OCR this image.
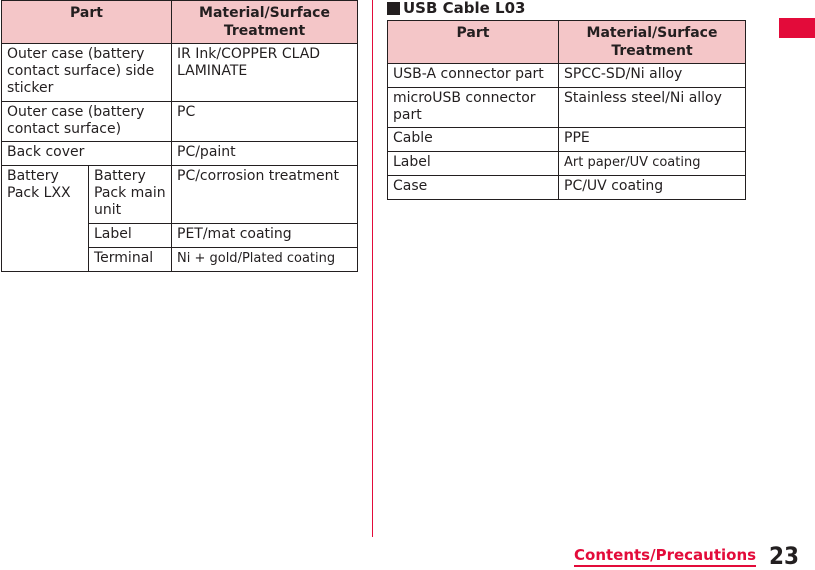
Part		Material/Surface Treatment
Outer case (battery contact surface) side sticker		IR Ink/COPPER CLAD LAMINATE
Outer case (battery contact surface)		PC
Back cover		PC/paint
Battery Pack LXX	Battery Pack main unit	PC/corrosion treatment
	Label	PET/mat coating
	Terminal	Ni + gold/Plated coating
USB Cable L03
Part	Material/Surface Treatment
USB-A connector part	SPCC-SD/Ni alloy
microUSB connector part	Stainless steel/Ni alloy
Cable	PPE
Label	Art paper/UV coating
Case	PC/UV coating
Contents/Precautions 23
